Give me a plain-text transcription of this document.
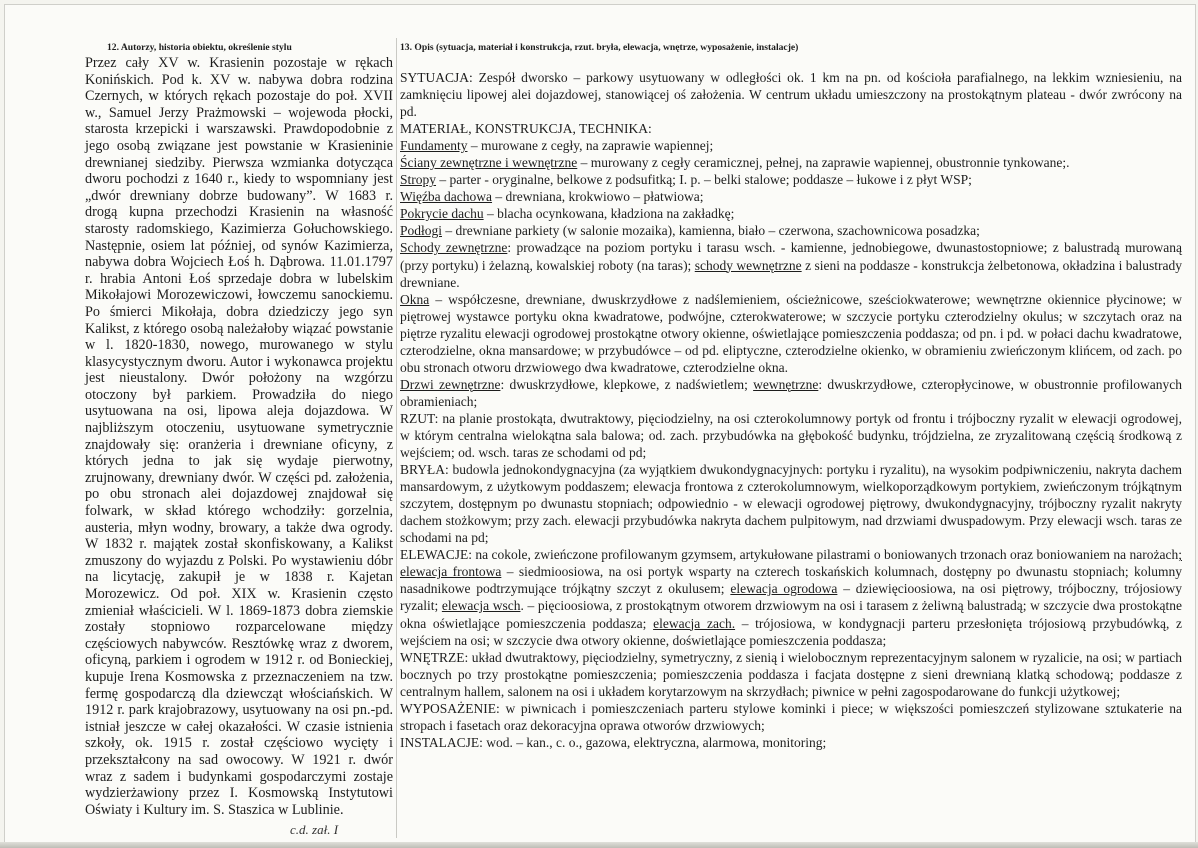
12. Autorzy, historia obiektu, określenie stylu

Przez cały XV w. Krasienin pozostaje w rękach Konińskich. Pod k. XV w. nabywa dobra rodzina Czernych, w których rękach pozostaje do poł. XVII w., Samuel Jerzy Prażmowski – wojewoda płocki, starosta krzepicki i warszawski. Prawdopodobnie z jego osobą związane jest powstanie w Krasieninie drewnianej siedziby. Pierwsza wzmianka dotycząca dworu pochodzi z 1640 r., kiedy to wspomniany jest „dwór drewniany dobrze budowany”. W 1683 r. drogą kupna przechodzi Krasienin na własność starosty radomskiego, Kazimierza Gołuchowskiego. Następnie, osiem lat później, od synów Kazimierza, nabywa dobra Wojciech Łoś h. Dąbrowa. 11.01.1797 r. hrabia Antoni Łoś sprzedaje dobra w lubelskim Mikołajowi Morozewiczowi, łowczemu sanockiemu. Po śmierci Mikołaja, dobra dziedziczy jego syn Kalikst, z którego osobą należałoby wiązać powstanie w l. 1820-1830, nowego, murowanego w stylu klasycystycznym dworu. Autor i wykonawca projektu jest nieustalony. Dwór położony na wzgórzu otoczony był parkiem. Prowadziła do niego usytuowana na osi, lipowa aleja dojazdowa. W najbliższym otoczeniu, usytuowane symetrycznie znajdowały się: oranżeria i drewniane oficyny, z których jedna to jak się wydaje pierwotny, zrujnowany, drewniany dwór. W części pd. założenia, po obu stronach alei dojazdowej znajdował się folwark, w skład którego wchodziły: gorzelnia, austeria, młyn wodny, browary, a także dwa ogrody. W 1832 r. majątek został skonfiskowany, a Kalikst zmuszony do wyjazdu z Polski. Po wystawieniu dóbr na licytację, zakupił je w 1838 r. Kajetan Morozewicz. Od poł. XIX w. Krasienin często zmieniał właścicieli. W l. 1869-1873 dobra ziemskie zostały stopniowo rozparcelowane między częściowych nabywców. Resztówkę wraz z dworem, oficyną, parkiem i ogrodem w 1912 r. od Bonieckiej, kupuje Irena Kosmowska z przeznaczeniem na tzw. fermę gospodarczą dla dziewcząt włościańskich. W 1912 r. park krajobrazowy, usytuowany na osi pn.-pd. istniał jeszcze w całej okazałości. W czasie istnienia szkoły, ok. 1915 r. został częściowo wycięty i przekształcony na sad owocowy. W 1921 r. dwór wraz z sadem i budynkami gospodarczymi zostaje wydzierżawiony przez I. Kosmowską Instytutowi Oświaty i Kultury im. S. Staszica w Lublinie.

c.d. zał. I
13. Opis (sytuacja, materiał i konstrukcja, rzut. bryła, elewacja, wnętrze, wyposażenie, instalacje)

SYTUACJA: Zespół dworsko – parkowy usytuowany w odległości ok. 1 km na pn. od kościoła parafialnego, na lekkim wzniesieniu, na zamknięciu lipowej alei dojazdowej, stanowiącej oś założenia. W centrum układu umieszczony na prostokątnym plateau - dwór zwrócony na pd.

MATERIAŁ, KONSTRUKCJA, TECHNIKA:

Fundamenty – murowane z cegły, na zaprawie wapiennej;

Ściany zewnętrzne i wewnętrzne – murowany z cegły ceramicznej, pełnej, na zaprawie wapiennej, obustronnie tynkowane;.

Stropy – parter - oryginalne, belkowe z podsufitką; I. p. – belki stalowe; poddasze – łukowe i z płyt WSP;

Więźba dachowa – drewniana, krokwiowo – płatwiowa;

Pokrycie dachu – blacha ocynkowana, kładziona na zakładkę;

Podłogi – drewniane parkiety (w salonie mozaika), kamienna, biało – czerwona, szachownicowa posadzka;

Schody zewnętrzne: prowadzące na poziom portyku i tarasu wsch. - kamienne, jednobiegowe, dwunastostopniowe; z balustradą murowaną (przy portyku) i żelazną, kowalskiej roboty (na taras); schody wewnętrzne z sieni na poddasze - konstrukcja żelbetonowa, okładzina i balustrady drewniane.

Okna – współczesne, drewniane, dwuskrzydłowe z nadślemieniem, ościeżnicowe, sześciokwaterowe; wewnętrzne okiennice płycinowe; w piętrowej wystawce portyku okna kwadratowe, podwójne, czterokwaterowe; w szczycie portyku czterodzielny okulus; w szczytach oraz na piętrze ryzalitu elewacji ogrodowej prostokątne otwory okienne, oświetlające pomieszczenia poddasza; od pn. i pd. w połaci dachu kwadratowe, czterodzielne, okna mansardowe; w przybudówce – od pd. eliptyczne, czterodzielne okienko, w obramieniu zwieńczonym klińcem, od zach. po obu stronach otworu drzwiowego dwa kwadratowe, czterodzielne okna.

Drzwi zewnętrzne: dwuskrzydłowe, klepkowe, z nadświetlem; wewnętrzne: dwuskrzydłowe, czteropłycinowe, w obustronnie profilowanych obramieniach;

RZUT: na planie prostokąta, dwutraktowy, pięciodzielny, na osi czterokolumnowy portyk od frontu i trójboczny ryzalit w elewacji ogrodowej, w którym centralna wielokątna sala balowa; od. zach. przybudówka na głębokość budynku, trójdzielna, ze zryzalitowaną częścią środkową z wejściem; od. wsch. taras ze schodami od pd;

BRYŁA: budowla jednokondygnacyjna (za wyjątkiem dwukondygnacyjnych: portyku i ryzalitu), na wysokim podpiwniczeniu, nakryta dachem mansardowym, z użytkowym poddaszem; elewacja frontowa z czterokolumnowym, wielkoporządkowym portykiem, zwieńczonym trójkątnym szczytem, dostępnym po dwunastu stopniach; odpowiednio - w elewacji ogrodowej piętrowy, dwukondygnacyjny, trójboczny ryzalit nakryty dachem stożkowym; przy zach. elewacji przybudówka nakryta dachem pulpitowym, nad drzwiami dwuspadowym. Przy elewacji wsch. taras ze schodami na pd;

ELEWACJE: na cokole, zwieńczone profilowanym gzymsem, artykułowane pilastrami o boniowanych trzonach oraz boniowaniem na narożach; elewacja frontowa – siedmioosiowa, na osi portyk wsparty na czterech toskańskich kolumnach, dostępny po dwunastu stopniach; kolumny nasadnikowe podtrzymujące trójkątny szczyt z okulusem; elewacja ogrodowa – dziewięcioosiowa, na osi piętrowy, trójboczny, trójosiowy ryzalit; elewacja wsch. – pięcioosiowa, z prostokątnym otworem drzwiowym na osi i tarasem z żeliwną balustradą; w szczycie dwa prostokątne okna oświetlające pomieszczenia poddasza; elewacja zach. – trójosiowa, w kondygnacji parteru przesłonięta trójosiową przybudówką, z wejściem na osi; w szczycie dwa otwory okienne, doświetlające pomieszczenia poddasza;

WNĘTRZE: układ dwutraktowy, pięciodzielny, symetryczny, z sienią i wielobocznym reprezentacyjnym salonem w ryzalicie, na osi; w partiach bocznych po trzy prostokątne pomieszczenia; pomieszczenia poddasza i facjata dostępne z sieni drewnianą klatką schodową; poddasze z centralnym hallem, salonem na osi i układem korytarzowym na skrzydłach; piwnice w pełni zagospodarowane do funkcji użytkowej;

WYPOSAŻENIE: w piwnicach i pomieszczeniach parteru stylowe kominki i piece; w większości pomieszczeń stylizowane sztukaterie na stropach i fasetach oraz dekoracyjna oprawa otworów drzwiowych;

INSTALACJE: wod. – kan., c. o., gazowa, elektryczna, alarmowa, monitoring;
